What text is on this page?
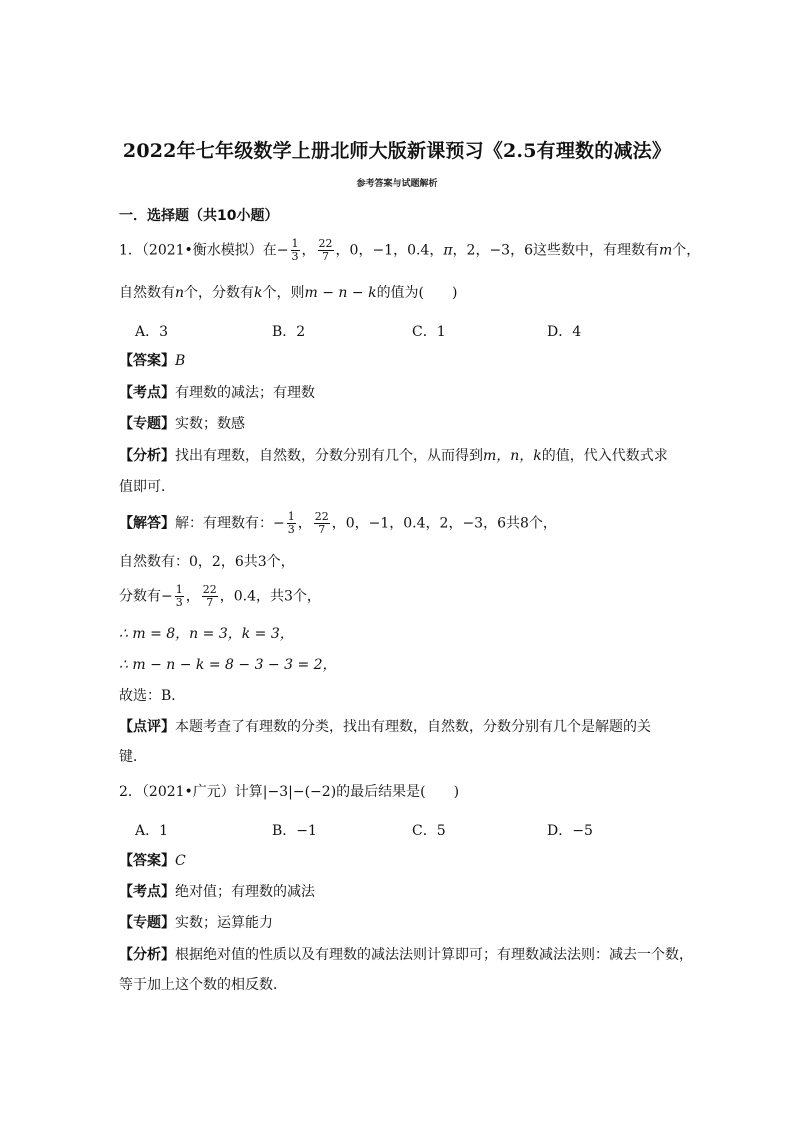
2022年七年级数学上册北师大版新课预习《2.5有理数的减法》
参考答案与试题解析
一．选择题（共10小题）
1．（2021•衡水模拟）在− $\frac{1}{3}$ ， $\frac{22}{7}$ ，0，−1，0.4，π，2，−3，6这些数中，有理数有m个，
自然数有n个，分数有k个，则m − n − k的值为(　　)
A．3	B．2	C．1	D．4
【答案】B
【考点】有理数的减法；有理数
【专题】实数；数感
【分析】找出有理数，自然数，分数分别有几个，从而得到m，n，k的值，代入代数式求
值即可．
【解答】解：有理数有：− $\frac{1}{3}$ ， $\frac{22}{7}$ ，0，−1，0.4，2，−3，6共8个，
自然数有：0，2，6共3个，
分数有− $\frac{1}{3}$ ， $\frac{22}{7}$ ，0.4，共3个，
∴ m = 8，n = 3，k = 3，
∴ m − n − k = 8 − 3 − 3 = 2，
故选：B．
【点评】本题考查了有理数的分类，找出有理数，自然数，分数分别有几个是解题的关
键．
2．（2021•广元）计算|−3|−(−2)的最后结果是(　　)
A．1	B．−1	C．5	D．−5
【答案】C
【考点】绝对值；有理数的减法
【专题】实数；运算能力
【分析】根据绝对值的性质以及有理数的减法法则计算即可；有理数减法法则：减去一个数，
等于加上这个数的相反数．
